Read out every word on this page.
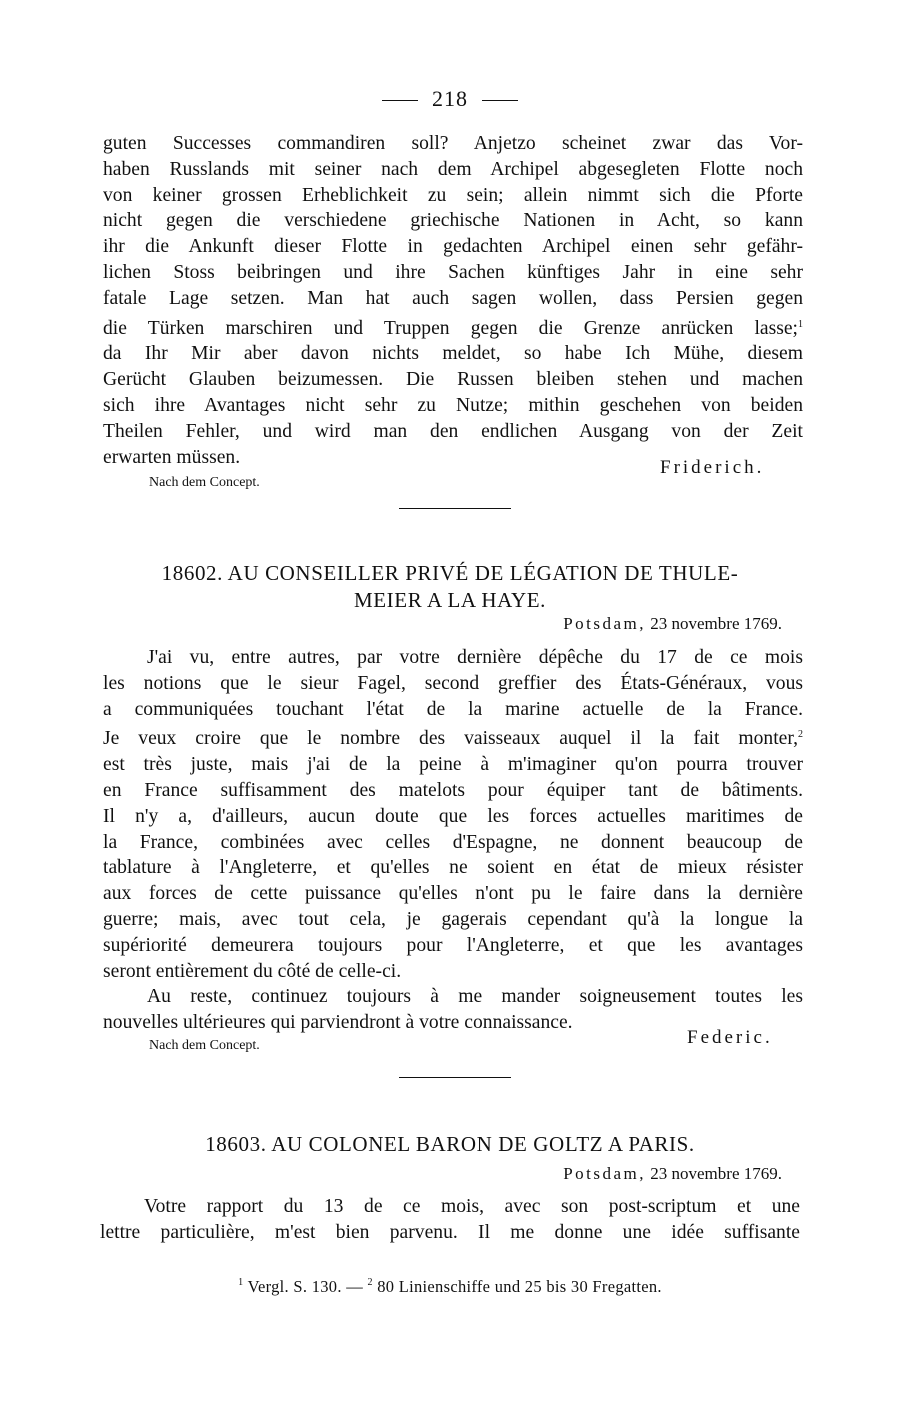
218
guten Successes commandiren soll? Anjetzo scheinet zwar das Vor-
haben Russlands mit seiner nach dem Archipel abgesegleten Flotte noch
von keiner grossen Erheblichkeit zu sein; allein nimmt sich die Pforte
nicht gegen die verschiedene griechische Nationen in Acht, so kann
ihr die Ankunft dieser Flotte in gedachten Archipel einen sehr gefähr-
lichen Stoss beibringen und ihre Sachen künftiges Jahr in eine sehr
fatale Lage setzen. Man hat auch sagen wollen, dass Persien gegen
die Türken marschiren und Truppen gegen die Grenze anrücken lasse;$^1$
da Ihr Mir aber davon nichts meldet, so habe Ich Mühe, diesem
Gerücht Glauben beizumessen. Die Russen bleiben stehen und machen
sich ihre Avantages nicht sehr zu Nutze; mithin geschehen von beiden
Theilen Fehler, und wird man den endlichen Ausgang von der Zeit
erwarten müssen.	Friderich.
Nach dem Concept.
18602. AU CONSEILLER PRIVÉ DE LÉGATION DE THULE-
MEIER A LA HAYE.
Potsdam, 23 novembre 1769.
J'ai vu, entre autres, par votre dernière dépêche du 17 de ce mois
les notions que le sieur Fagel, second greffier des États-Généraux, vous
a communiquées touchant l'état de la marine actuelle de la France.
Je veux croire que le nombre des vaisseaux auquel il la fait monter,$^2$
est très juste, mais j'ai de la peine à m'imaginer qu'on pourra trouver
en France suffisamment des matelots pour équiper tant de bâtiments.
Il n'y a, d'ailleurs, aucun doute que les forces actuelles maritimes de
la France, combinées avec celles d'Espagne, ne donnent beaucoup de
tablature à l'Angleterre, et qu'elles ne soient en état de mieux résister
aux forces de cette puissance qu'elles n'ont pu le faire dans la dernière
guerre; mais, avec tout cela, je gagerais cependant qu'à la longue la
supériorité demeurera toujours pour l'Angleterre, et que les avantages
seront entièrement du côté de celle-ci.
Au reste, continuez toujours à me mander soigneusement toutes les
nouvelles ultérieures qui parviendront à votre connaissance.
Federic.
Nach dem Concept.
18603. AU COLONEL BARON DE GOLTZ A PARIS.
Potsdam, 23 novembre 1769.
Votre rapport du 13 de ce mois, avec son post-scriptum et une
lettre particulière, m'est bien parvenu. Il me donne une idée suffisante
$^1$ Vergl. S. 130. — $^2$ 80 Linienschiffe und 25 bis 30 Fregatten.
